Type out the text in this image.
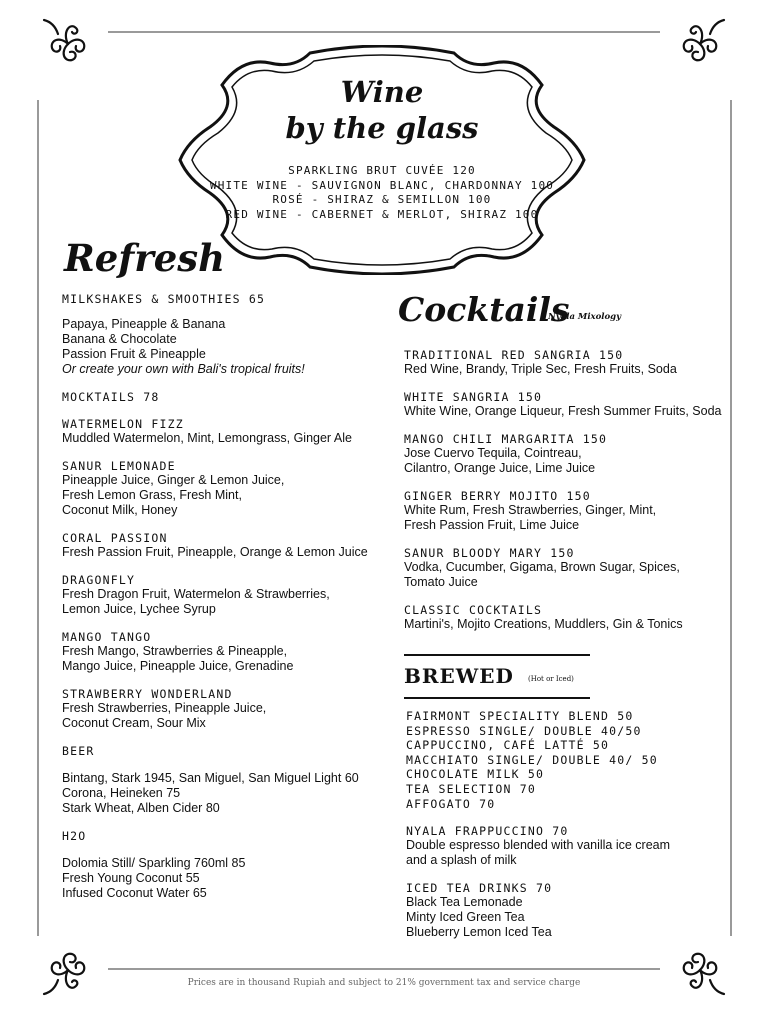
Wine
by the glass
SPARKLING BRUT CUVÉE 120
WHITE WINE - SAUVIGNON BLANC, CHARDONNAY 100
ROSÉ - SHIRAZ & SEMILLON 100
RED WINE - CABERNET & MERLOT, SHIRAZ 100
Refresh
MILKSHAKES & SMOOTHIES 65
Papaya, Pineapple & Banana
Banana & Chocolate
Passion Fruit & Pineapple
Or create your own with Bali's tropical fruits!
MOCKTAILS 78
WATERMELON FIZZ
Muddled Watermelon, Mint, Lemongrass, Ginger Ale
SANUR LEMONADE
Pineapple Juice, Ginger & Lemon Juice,
Fresh Lemon Grass, Fresh Mint,
Coconut Milk, Honey
CORAL PASSION
Fresh Passion Fruit, Pineapple, Orange & Lemon Juice
DRAGONFLY
Fresh Dragon Fruit, Watermelon & Strawberries,
Lemon Juice, Lychee Syrup
MANGO TANGO
Fresh Mango, Strawberries & Pineapple,
Mango Juice, Pineapple Juice, Grenadine
STRAWBERRY WONDERLAND
Fresh Strawberries, Pineapple Juice,
Coconut Cream, Sour Mix
BEER
Bintang, Stark 1945, San Miguel, San Miguel Light 60
Corona, Heineken 75
Stark Wheat, Alben Cider 80
H2O
Dolomia Still/ Sparkling 760ml 85
Fresh Young Coconut 55
Infused Coconut Water 65
Cocktails
Nyala Mixology
TRADITIONAL RED SANGRIA 150
Red Wine, Brandy, Triple Sec, Fresh Fruits, Soda
WHITE SANGRIA 150
White Wine, Orange Liqueur, Fresh Summer Fruits, Soda
MANGO CHILI MARGARITA 150
Jose Cuervo Tequila, Cointreau,
Cilantro, Orange Juice, Lime Juice
GINGER BERRY MOJITO 150
White Rum, Fresh Strawberries, Ginger, Mint,
Fresh Passion Fruit, Lime Juice
SANUR BLOODY MARY 150
Vodka, Cucumber, Gigama, Brown Sugar, Spices,
Tomato Juice
CLASSIC COCKTAILS
Martini's, Mojito Creations, Muddlers, Gin & Tonics
BREWED (Hot or Iced)
FAIRMONT SPECIALITY BLEND 50
ESPRESSO SINGLE/ DOUBLE 40/50
CAPPUCCINO, CAFÉ LATTÉ 50
MACCHIATO SINGLE/ DOUBLE 40/ 50
CHOCOLATE MILK 50
TEA SELECTION 70
AFFOGATO 70
NYALA FRAPPUCCINO 70
Double espresso blended with vanilla ice cream
and a splash of milk
ICED TEA DRINKS 70
Black Tea Lemonade
Minty Iced Green Tea
Blueberry Lemon Iced Tea
Prices are in thousand Rupiah and subject to 21% government tax and service charge
